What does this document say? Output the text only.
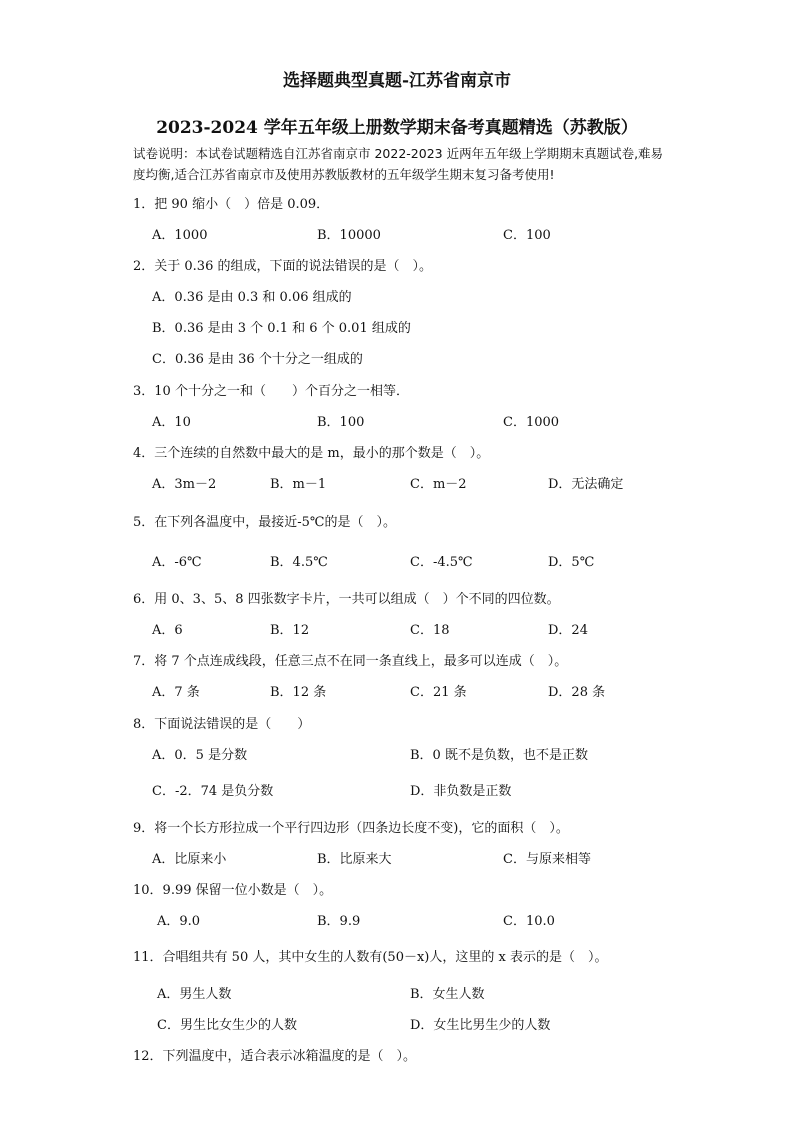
选择题典型真题-江苏省南京市
2023-2024 学年五年级上册数学期末备考真题精选（苏教版）
试卷说明：本试卷试题精选自江苏省南京市 2022-2023 近两年五年级上学期期末真题试卷,难易度均衡,适合江苏省南京市及使用苏教版教材的五年级学生期末复习备考使用!
1．把 90 缩小（　）倍是 0.09．
A．1000	B．10000	C．100
2．关于 0.36 的组成，下面的说法错误的是（　）。
A．0.36 是由 0.3 和 0.06 组成的
B．0.36 是由 3 个 0.1 和 6 个 0.01 组成的
C．0.36 是由 36 个十分之一组成的
3．10 个十分之一和（　　）个百分之一相等．
A．10	B．100	C．1000
4．三个连续的自然数中最大的是 m，最小的那个数是（　）。
A．3m－2	B．m－1	C．m－2	D．无法确定
5．在下列各温度中，最接近-5℃的是（　）。
A．-6℃	B．4.5℃	C．-4.5℃	D．5℃
6．用 0、3、5、8 四张数字卡片，一共可以组成（　）个不同的四位数。
A．6	B．12	C．18	D．24
7．将 7 个点连成线段，任意三点不在同一条直线上，最多可以连成（　）。
A．7 条	B．12 条	C．21 条	D．28 条
8．下面说法错误的是（　　）
A．0．5 是分数	B．0 既不是负数，也不是正数
C．-2．74 是负分数	D．非负数是正数
9．将一个长方形拉成一个平行四边形（四条边长度不变)，它的面积（　）。
A．比原来小	B．比原来大	C．与原来相等
10．9.99 保留一位小数是（　）。
A．9.0	B．9.9	C．10.0
11．合唱组共有 50 人，其中女生的人数有(50－x)人，这里的 x 表示的是（　）。
A．男生人数	B．女生人数
C．男生比女生少的人数	D．女生比男生少的人数
12．下列温度中，适合表示冰箱温度的是（　）。
